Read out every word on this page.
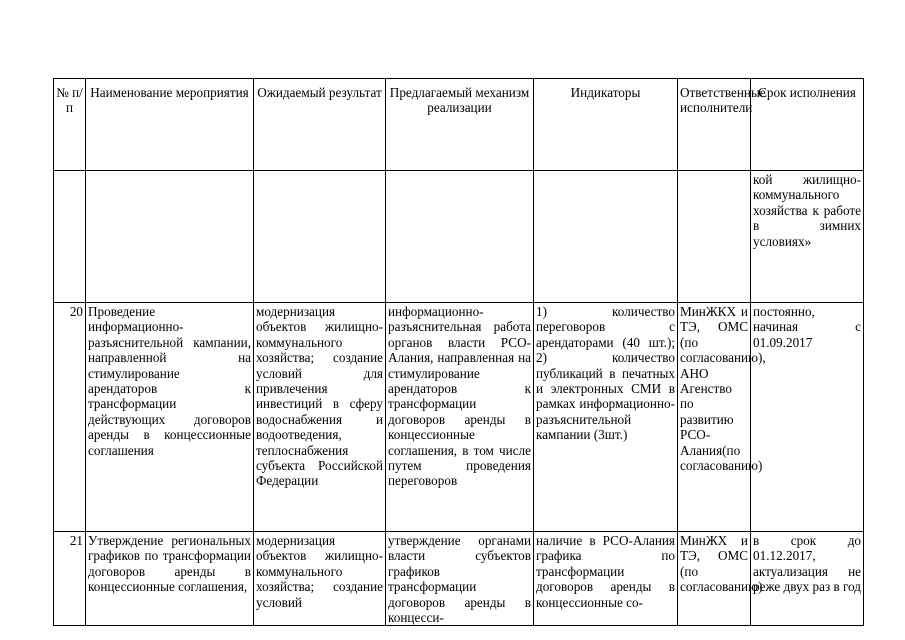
№ п/п	Наименование мероприятия	Ожидаемый результат	Предлагаемый механизм реализации	Индикаторы	Ответственные исполнители	Срок исполнения
						кой жилищно-коммунального хозяйства к работе в зимних условиях»
20	Проведение информационно-разъяснительной кампании, направленной на стимулирование арендаторов к трансформации действующих договоров аренды в концессионные соглашения	модернизация объектов жилищно-коммунального хозяйства; создание условий для привлечения инвестиций в сферу водоснабжения и водоотведения, теплоснабжения субъекта Российской Федерации	информационно-разъяснительная работа органов власти РСО-Алания, направленная на стимулирование арендаторов к трансформации договоров аренды в концессионные соглашения, в том числе путем проведения переговоров	1) количество переговоров с арендаторами (40 шт.); 2) количество публикаций в печатных и электронных СМИ в рамках информационно-разъяснительной кампании (3шт.)	МинЖКХ и ТЭ, ОМС (по согласованию), АНО Агенство по развитию РСО-Алания(по согласованию)	постоянно, начиная с 01.09.2017

21	Утверждение региональных графиков по трансформации договоров аренды в концессионные соглашения,	модернизация объектов жилищно-коммунального хозяйства; создание условий	утверждение органами власти субъектов графиков трансформации договоров аренды в концесси-	наличие в РСО-Алания графика по трансформации договоров аренды в концессионные со-	МинЖХ и ТЭ, ОМС (по согласованию)	в срок до 01.12.2017, актуализация не реже двух раз в год
